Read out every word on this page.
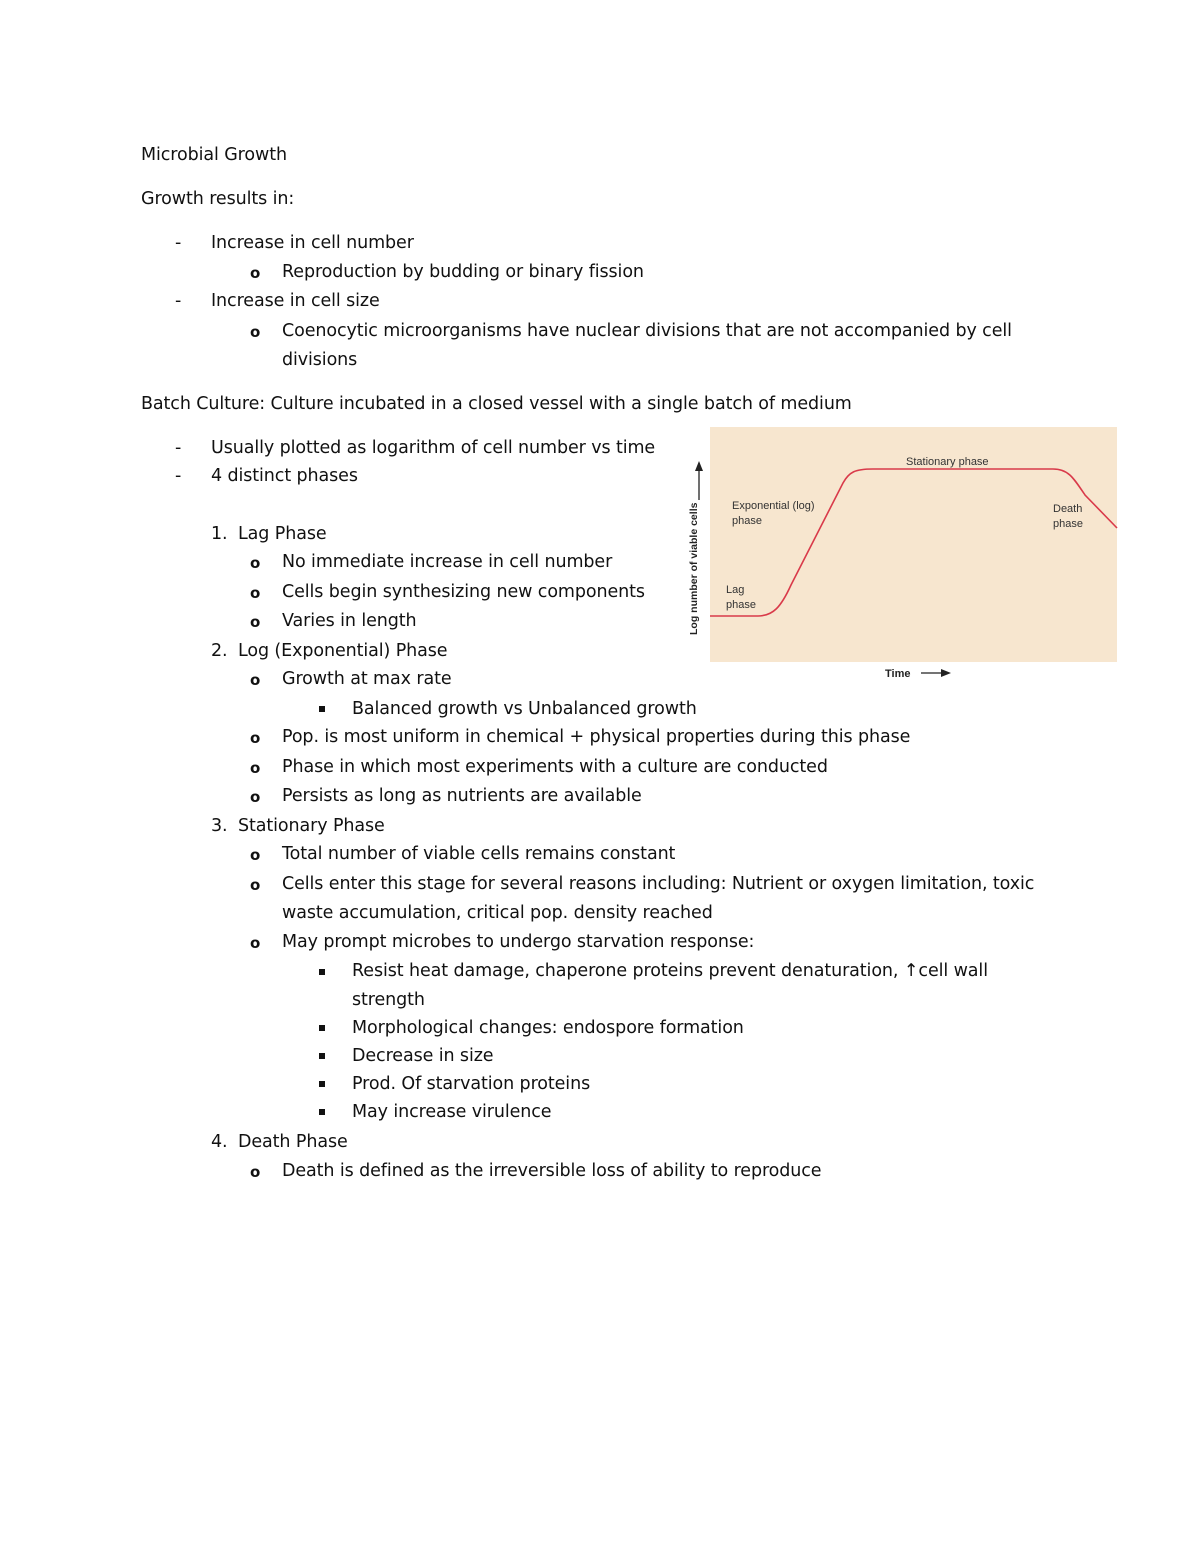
Microbial Growth
Growth results in:
- Increase in cell number
o Reproduction by budding or binary fission
- Increase in cell size
o Coenocytic microorganisms have nuclear divisions that are not accompanied by cell
divisions
Batch Culture: Culture incubated in a closed vessel with a single batch of medium
- Usually plotted as logarithm of cell number vs time
- 4 distinct phases
1. Lag Phase
o No immediate increase in cell number
o Cells begin synthesizing new components
o Varies in length
2. Log (Exponential) Phase
o Growth at max rate
Balanced growth vs Unbalanced growth
o Pop. is most uniform in chemical + physical properties during this phase
o Phase in which most experiments with a culture are conducted
o Persists as long as nutrients are available
3. Stationary Phase
o Total number of viable cells remains constant
o Cells enter this stage for several reasons including: Nutrient or oxygen limitation, toxic
waste accumulation, critical pop. density reached
o May prompt microbes to undergo starvation response:
Resist heat damage, chaperone proteins prevent denaturation, ↑cell wall
strength
Morphological changes: endospore formation
Decrease in size
Prod. Of starvation proteins
May increase virulence
4. Death Phase
o Death is defined as the irreversible loss of ability to reproduce
Log number of viable cells
Time
Stationary phase
Exponential (log)
phase
Lag
phase
Death
phase
